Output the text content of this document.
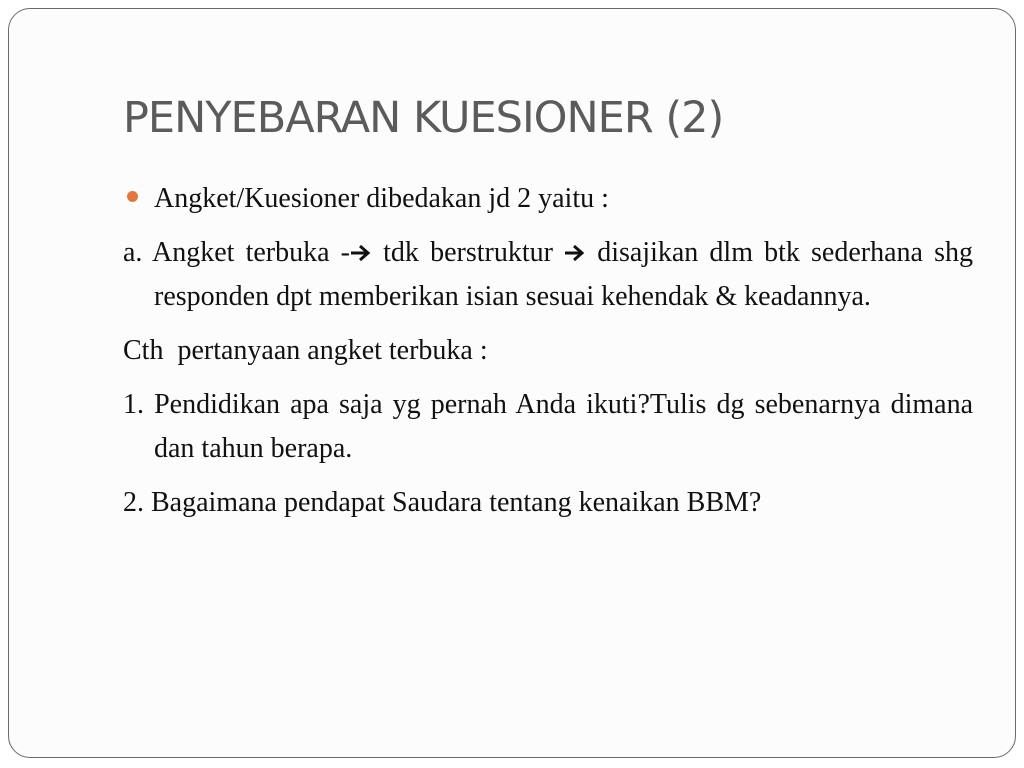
PENYEBARAN KUESIONER (2)

Angket/Kuesioner dibedakan jd 2 yaitu :

a. Angket terbuka - tdk berstruktur  disajikan dlm btk sederhana shg responden dpt memberikan isian sesuai kehendak & keadannya.

Cth  pertanyaan angket terbuka :

1. Pendidikan apa saja yg pernah Anda ikuti?Tulis dg sebenarnya dimana dan tahun berapa.

2. Bagaimana pendapat Saudara tentang kenaikan BBM?
